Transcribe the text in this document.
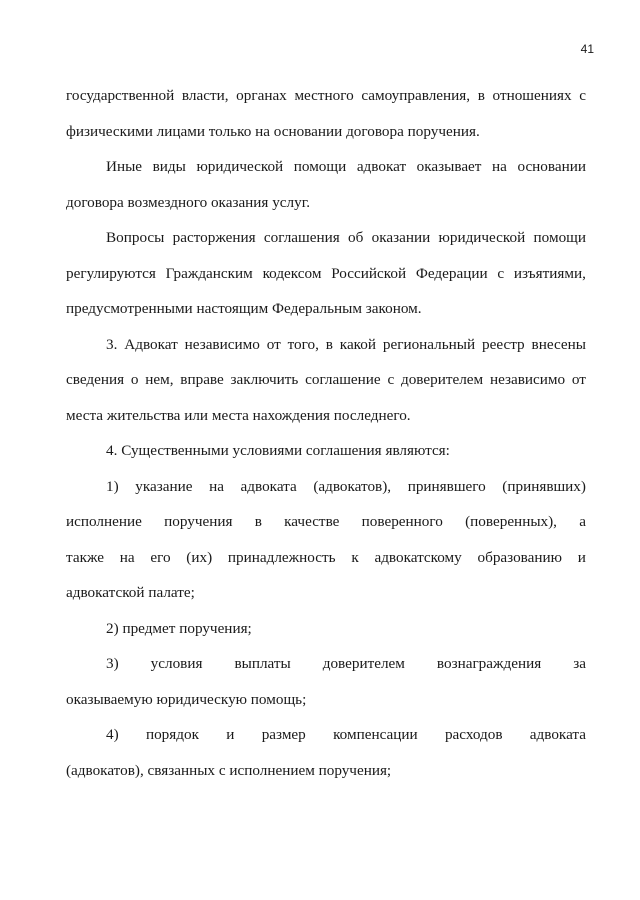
41
государственной власти, органах местного самоуправления, в отношениях с
физическими лицами только на основании договора поручения.
Иные виды юридической помощи адвокат оказывает на основании
договора возмездного оказания услуг.
Вопросы расторжения соглашения об оказании юридической помощи
регулируются Гражданским кодексом Российской Федерации с изъятиями,
предусмотренными настоящим Федеральным законом.
3. Адвокат независимо от того, в какой региональный реестр внесены
сведения о нем, вправе заключить соглашение с доверителем независимо от
места жительства или места нахождения последнего.
4. Существенными условиями соглашения являются:
1) указание на адвоката (адвокатов), принявшего (принявших)
исполнение поручения в качестве поверенного (поверенных), а
также на его (их) принадлежность к адвокатскому образованию и
адвокатской палате;
2) предмет поручения;
3) условия выплаты доверителем вознаграждения за
оказываемую юридическую помощь;
4) порядок и размер компенсации расходов адвоката
(адвокатов), связанных с исполнением поручения;
